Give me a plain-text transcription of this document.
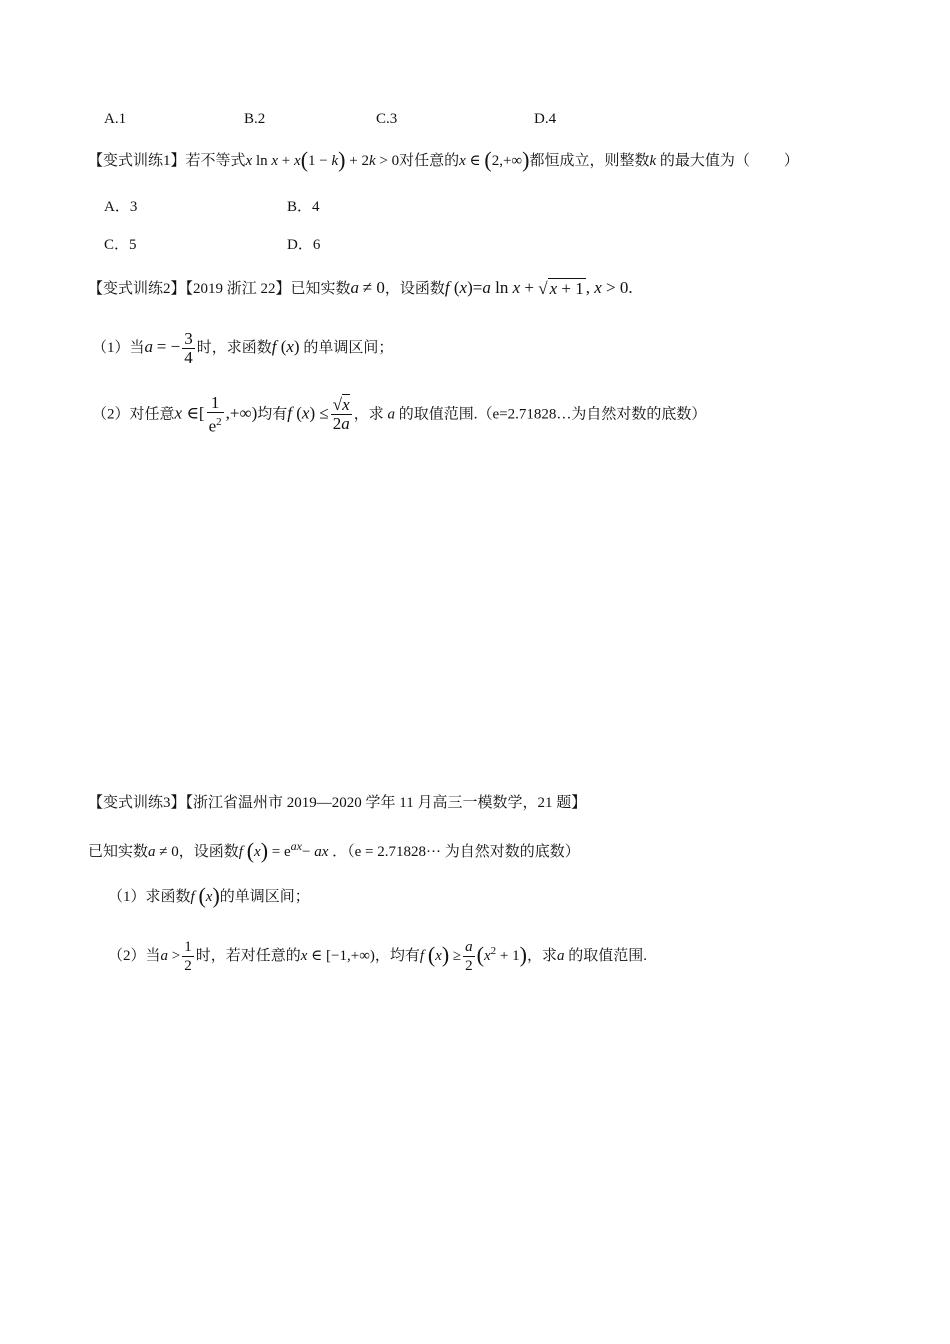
A.1	B.2	C.3	D.4
【变式训练1】若不等式x ln x + x(1 − k) + 2k > 0对任意的x ∈ (2,+∞)都恒成立，则整数k 的最大值为（ ）
A．3	B．4
C．5	D．6
【变式训练2】【2019 浙江 22】已知实数a ≠ 0，设函数f (x)=a ln x + √ x + 1 , x > 0.
（1）当a = − $\frac{3}{4}$ 时，求函数f (x) 的单调区间；
（2）对任意x ∈[ $\frac{1}{e^2}$ ,+∞)均有f $(x) \le \frac{√x}{2a}$ ，求 a 的取值范围.（e=2.71828…为自然对数的底数）
【变式训练3】【浙江省温州市 2019—2020 学年 11 月高三一模数学，21 题】
已知实数a ≠ 0，设函数f $(x) = e^{ax}-$ ax ．（e = 2.71828··· 为自然对数的底数）
（1）求函数f (x)的单调区间；
（2）当$a > \frac{1}{2}$ 时，若对任意的x ∈ [−1,+∞)，均有f $(x) \ge \frac{a}{2} (x^2 + 1)$，求a 的取值范围.
